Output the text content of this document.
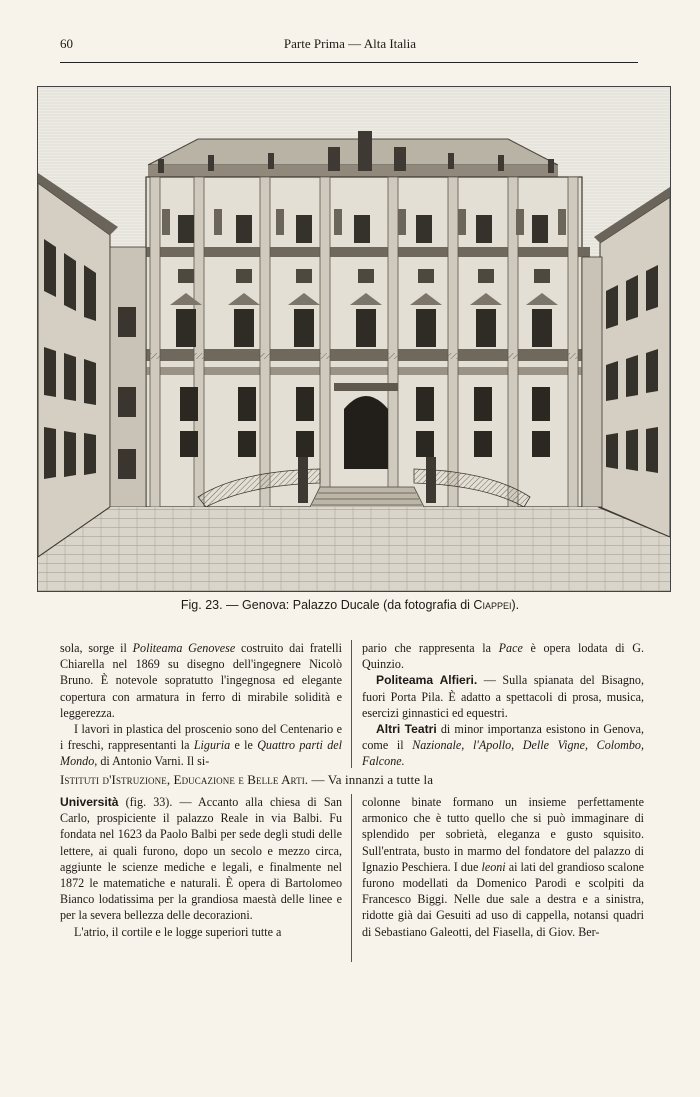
60	Parte Prima — Alta Italia
Fig. 23. — Genova: Palazzo Ducale (da fotografia di Ciappei).

sola, sorge il Politeama Genovese costruito dai fratelli Chiarella nel 1869 su disegno dell'ingegnere Nicolò Bruno. È notevole sopratutto l'ingegnosa ed elegante copertura con armatura in ferro di mirabile solidità e leggerezza.

I lavori in plastica del proscenio sono del Centenario e i freschi, rappresentanti la Liguria e le Quattro parti del Mondo, di Antonio Varni. Il si-

pario che rappresenta la Pace è opera lodata di G. Quinzio.

Politeama Alfieri. — Sulla spianata del Bisagno, fuori Porta Pila. È adatto a spettacoli di prosa, musica, esercizi ginnastici ed equestri.

Altri Teatri di minor importanza esistono in Genova, come il Nazionale, l'Apollo, Delle Vigne, Colombo, Falcone.

Istituti d'Istruzione, Educazione e Belle Arti. — Va innanzi a tutte la

Università (fig. 33). — Accanto alla chiesa di San Carlo, prospiciente il palazzo Reale in via Balbi. Fu fondata nel 1623 da Paolo Balbi per sede degli studi delle lettere, ai quali furono, dopo un secolo e mezzo circa, aggiunte le scienze mediche e legali, e finalmente nel 1872 le matematiche e naturali. È opera di Bartolomeo Bianco lodatissima per la grandiosa maestà delle linee e per la severa bellezza delle decorazioni.

L'atrio, il cortile e le logge superiori tutte a

colonne binate formano un insieme perfettamente armonico che è tutto quello che si può immaginare di splendido per sobrietà, eleganza e gusto squisito. Sull'entrata, busto in marmo del fondatore del palazzo di Ignazio Peschiera. I due leoni ai lati del grandioso scalone furono modellati da Domenico Parodi e scolpiti da Francesco Biggi. Nelle due sale a destra e a sinistra, ridotte già dai Gesuiti ad uso di cappella, notansi quadri di Sebastiano Galeotti, del Fiasella, di Giov. Ber-
